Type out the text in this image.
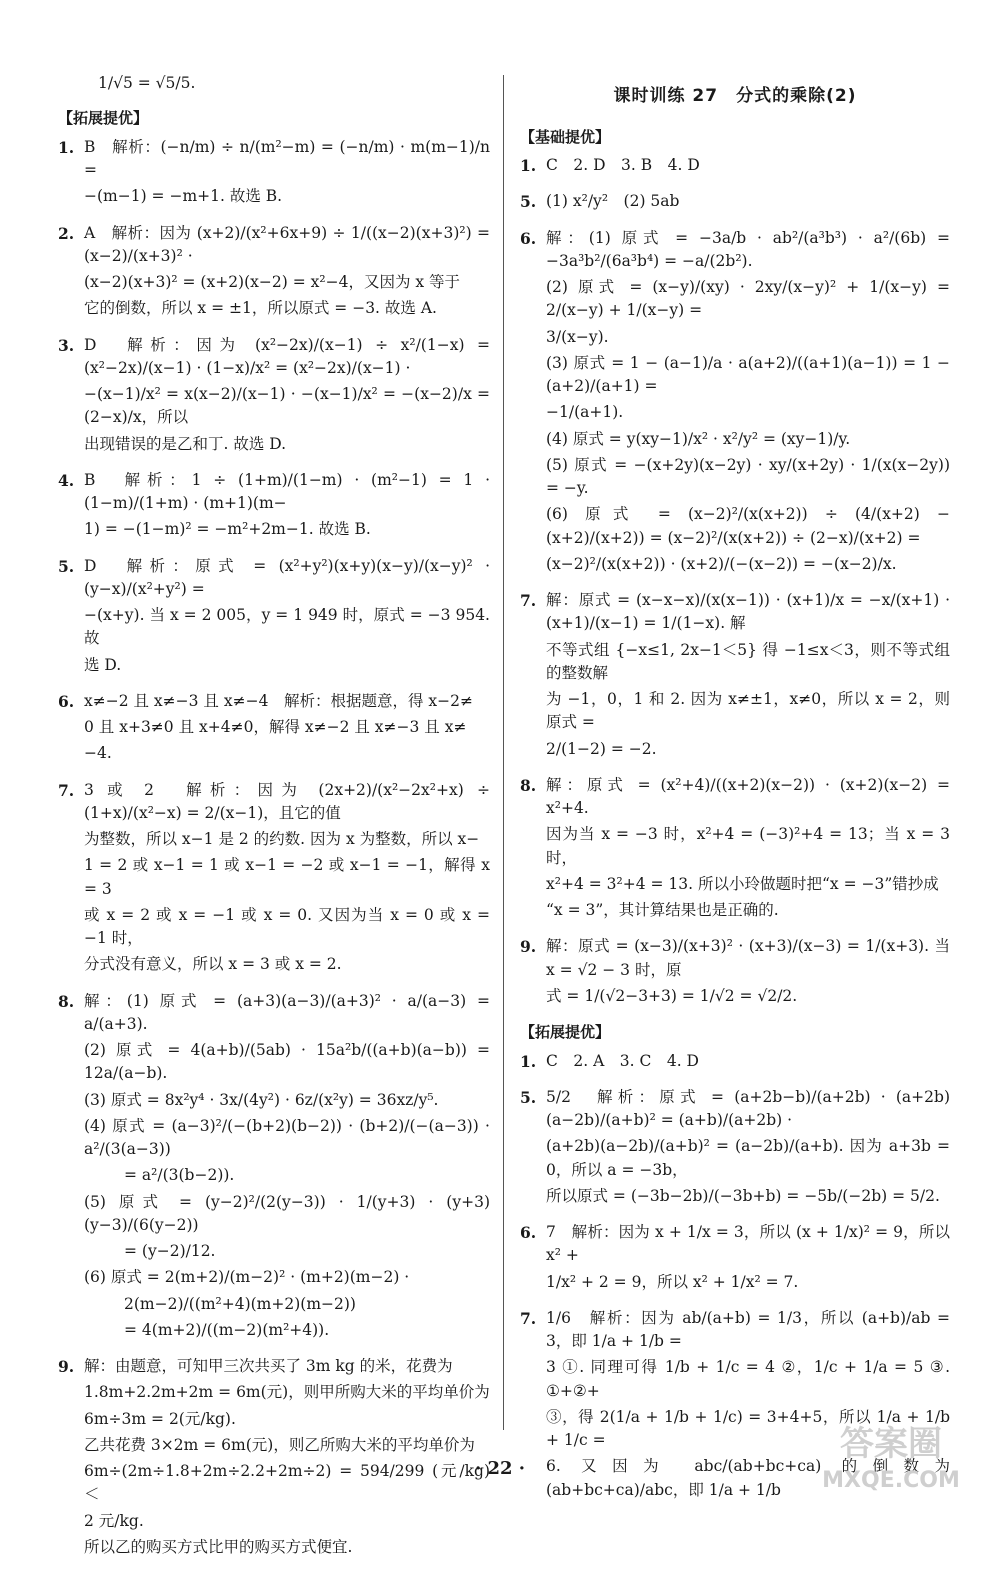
1/√5 = √5/5.
【拓展提优】
1. B　解析：(−n/m) ÷ n/(m²−m) = (−n/m) · m(m−1)/n =
−(m−1) = −m+1. 故选 B.
2. A　解析：因为 (x+2)/(x²+6x+9) ÷ 1/((x−2)(x+3)²) = (x−2)/(x+3)² ·
(x−2)(x+3)² = (x+2)(x−2) = x²−4，又因为 x 等于
它的倒数，所以 x = ±1，所以原式 = −3. 故选 A.
3. D　解析：因为 (x²−2x)/(x−1) ÷ x²/(1−x) = (x²−2x)/(x−1) · (1−x)/x² = (x²−2x)/(x−1) ·
−(x−1)/x² = x(x−2)/(x−1) · −(x−1)/x² = −(x−2)/x = (2−x)/x，所以
出现错误的是乙和丁. 故选 D.
4. B　解析：1 ÷ (1+m)/(1−m) · (m²−1) = 1 · (1−m)/(1+m) · (m+1)(m−
1) = −(1−m)² = −m²+2m−1. 故选 B.
5. D　解析：原式 = (x²+y²)(x+y)(x−y)/(x−y)² · (y−x)/(x²+y²) =
−(x+y). 当 x = 2 005，y = 1 949 时，原式 = −3 954. 故
选 D.
6. x≠−2 且 x≠−3 且 x≠−4　解析：根据题意，得 x−2≠
0 且 x+3≠0 且 x+4≠0，解得 x≠−2 且 x≠−3 且 x≠
−4.
7. 3 或 2　解析：因为 (2x+2)/(x²−2x²+x) ÷ (1+x)/(x²−x) = 2/(x−1)，且它的值
为整数，所以 x−1 是 2 的约数. 因为 x 为整数，所以 x−
1 = 2 或 x−1 = 1 或 x−1 = −2 或 x−1 = −1，解得 x = 3
或 x = 2 或 x = −1 或 x = 0. 又因为当 x = 0 或 x = −1 时，
分式没有意义，所以 x = 3 或 x = 2.
8. 解：(1) 原式 = (a+3)(a−3)/(a+3)² · a/(a−3) = a/(a+3).
(2) 原式 = 4(a+b)/(5ab) · 15a²b/((a+b)(a−b)) = 12a/(a−b).
(3) 原式 = 8x²y⁴ · 3x/(4y²) · 6z/(x²y) = 36xz/y⁵.
(4) 原式 = (a−3)²/(−(b+2)(b−2)) · (b+2)/(−(a−3)) · a²/(3(a−3))
= a²/(3(b−2)).
(5) 原式 = (y−2)²/(2(y−3)) · 1/(y+3) · (y+3)(y−3)/(6(y−2))
= (y−2)/12.
(6) 原式 = 2(m+2)/(m−2)² · (m+2)(m−2) ·
2(m−2)/((m²+4)(m+2)(m−2))
= 4(m+2)/((m−2)(m²+4)).
9. 解：由题意，可知甲三次共买了 3m kg 的米，花费为
1.8m+2.2m+2m = 6m(元)，则甲所购大米的平均单价为
6m÷3m = 2(元/kg).
乙共花费 3×2m = 6m(元)，则乙所购大米的平均单价为
6m÷(2m÷1.8+2m÷2.2+2m÷2) = 594/299 (元/kg)＜
2 元/kg.
所以乙的购买方式比甲的购买方式便宜.
课时训练 27　分式的乘除(2)
【基础提优】
1. C　2. D　3. B　4. D
5. (1) x²/y²　(2) 5ab
6. 解：(1) 原式 = −3a/b · ab²/(a³b³) · a²/(6b) = −3a³b²/(6a³b⁴) = −a/(2b²).
(2) 原式 = (x−y)/(xy) · 2xy/(x−y)² + 1/(x−y) = 2/(x−y) + 1/(x−y) =
3/(x−y).
(3) 原式 = 1 − (a−1)/a · a(a+2)/((a+1)(a−1)) = 1 − (a+2)/(a+1) =
−1/(a+1).
(4) 原式 = y(xy−1)/x² · x²/y² = (xy−1)/y.
(5) 原式 = −(x+2y)(x−2y) · xy/(x+2y) · 1/(x(x−2y)) = −y.
(6) 原式 = (x−2)²/(x(x+2)) ÷ (4/(x+2) − (x+2)/(x+2)) = (x−2)²/(x(x+2)) ÷ (2−x)/(x+2) =
(x−2)²/(x(x+2)) · (x+2)/(−(x−2)) = −(x−2)/x.
7. 解：原式 = (x−x−x)/(x(x−1)) · (x+1)/x = −x/(x+1) · (x+1)/(x−1) = 1/(1−x). 解
不等式组 {−x≤1, 2x−1＜5} 得 −1≤x＜3，则不等式组的整数解
为 −1，0，1 和 2. 因为 x≠±1，x≠0，所以 x = 2，则原式 =
2/(1−2) = −2.
8. 解：原式 = (x²+4)/((x+2)(x−2)) · (x+2)(x−2) = x²+4.
因为当 x = −3 时，x²+4 = (−3)²+4 = 13；当 x = 3 时，
x²+4 = 3²+4 = 13. 所以小玲做题时把“x = −3”错抄成
“x = 3”，其计算结果也是正确的.
9. 解：原式 = (x−3)/(x+3)² · (x+3)/(x−3) = 1/(x+3). 当 x = √2 − 3 时，原
式 = 1/(√2−3+3) = 1/√2 = √2/2.
【拓展提优】
1. C　2. A　3. C　4. D
5. 5/2　解析：原式 = (a+2b−b)/(a+2b) · (a+2b)(a−2b)/(a+b)² = (a+b)/(a+2b) ·
(a+2b)(a−2b)/(a+b)² = (a−2b)/(a+b). 因为 a+3b = 0，所以 a = −3b，
所以原式 = (−3b−2b)/(−3b+b) = −5b/(−2b) = 5/2.
6. 7　解析：因为 x + 1/x = 3，所以 (x + 1/x)² = 9，所以 x² +
1/x² + 2 = 9，所以 x² + 1/x² = 7.
7. 1/6　解析：因为 ab/(a+b) = 1/3，所以 (a+b)/ab = 3，即 1/a + 1/b =
3 ①. 同理可得 1/b + 1/c = 4 ②，1/c + 1/a = 5 ③. ①+②+
③，得 2(1/a + 1/b + 1/c) = 3+4+5，所以 1/a + 1/b + 1/c =
6. 又因为 abc/(ab+bc+ca) 的倒数为 (ab+bc+ca)/abc，即 1/a + 1/b
· 22 ·
答案圈
MXQE.COM
